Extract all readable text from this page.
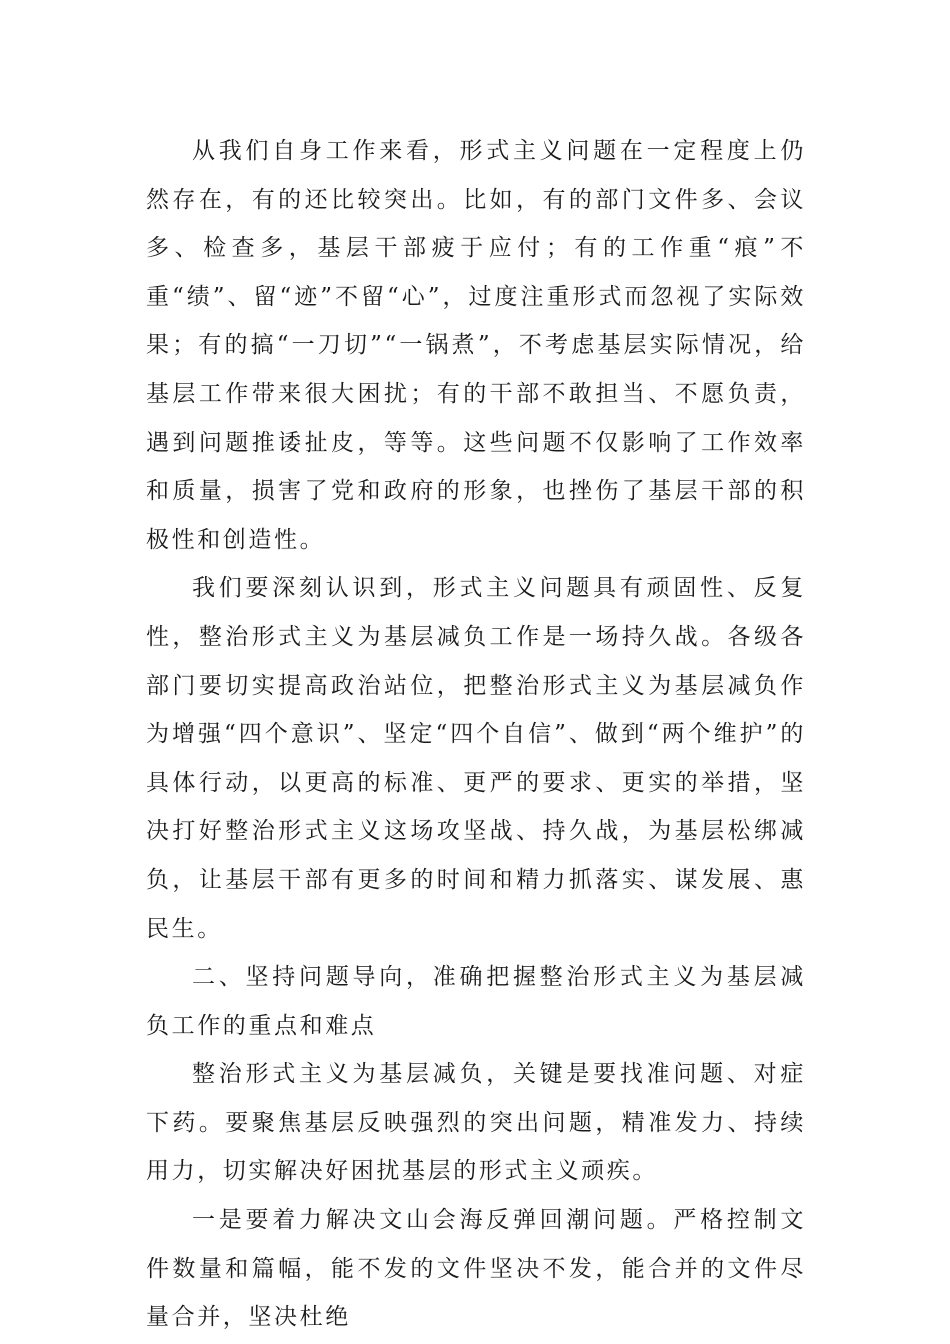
从我们自身工作来看，形式主义问题在一定程度上仍然存在，有的还比较突出。比如，有的部门文件多、会议多、检查多，基层干部疲于应付；有的工作重“痕”不重“绩”、留“迹”不留“心”，过度注重形式而忽视了实际效果；有的搞“一刀切”“一锅煮”，不考虑基层实际情况，给基层工作带来很大困扰；有的干部不敢担当、不愿负责，遇到问题推诿扯皮，等等。这些问题不仅影响了工作效率和质量，损害了党和政府的形象，也挫伤了基层干部的积极性和创造性。

我们要深刻认识到，形式主义问题具有顽固性、反复性，整治形式主义为基层减负工作是一场持久战。各级各部门要切实提高政治站位，把整治形式主义为基层减负作为增强“四个意识”、坚定“四个自信”、做到“两个维护”的具体行动，以更高的标准、更严的要求、更实的举措，坚决打好整治形式主义这场攻坚战、持久战，为基层松绑减负，让基层干部有更多的时间和精力抓落实、谋发展、惠民生。

二、坚持问题导向，准确把握整治形式主义为基层减负工作的重点和难点

整治形式主义为基层减负，关键是要找准问题、对症下药。要聚焦基层反映强烈的突出问题，精准发力、持续用力，切实解决好困扰基层的形式主义顽疾。

一是要着力解决文山会海反弹回潮问题。严格控制文件数量和篇幅，能不发的文件坚决不发，能合并的文件尽量合并，坚决杜绝
